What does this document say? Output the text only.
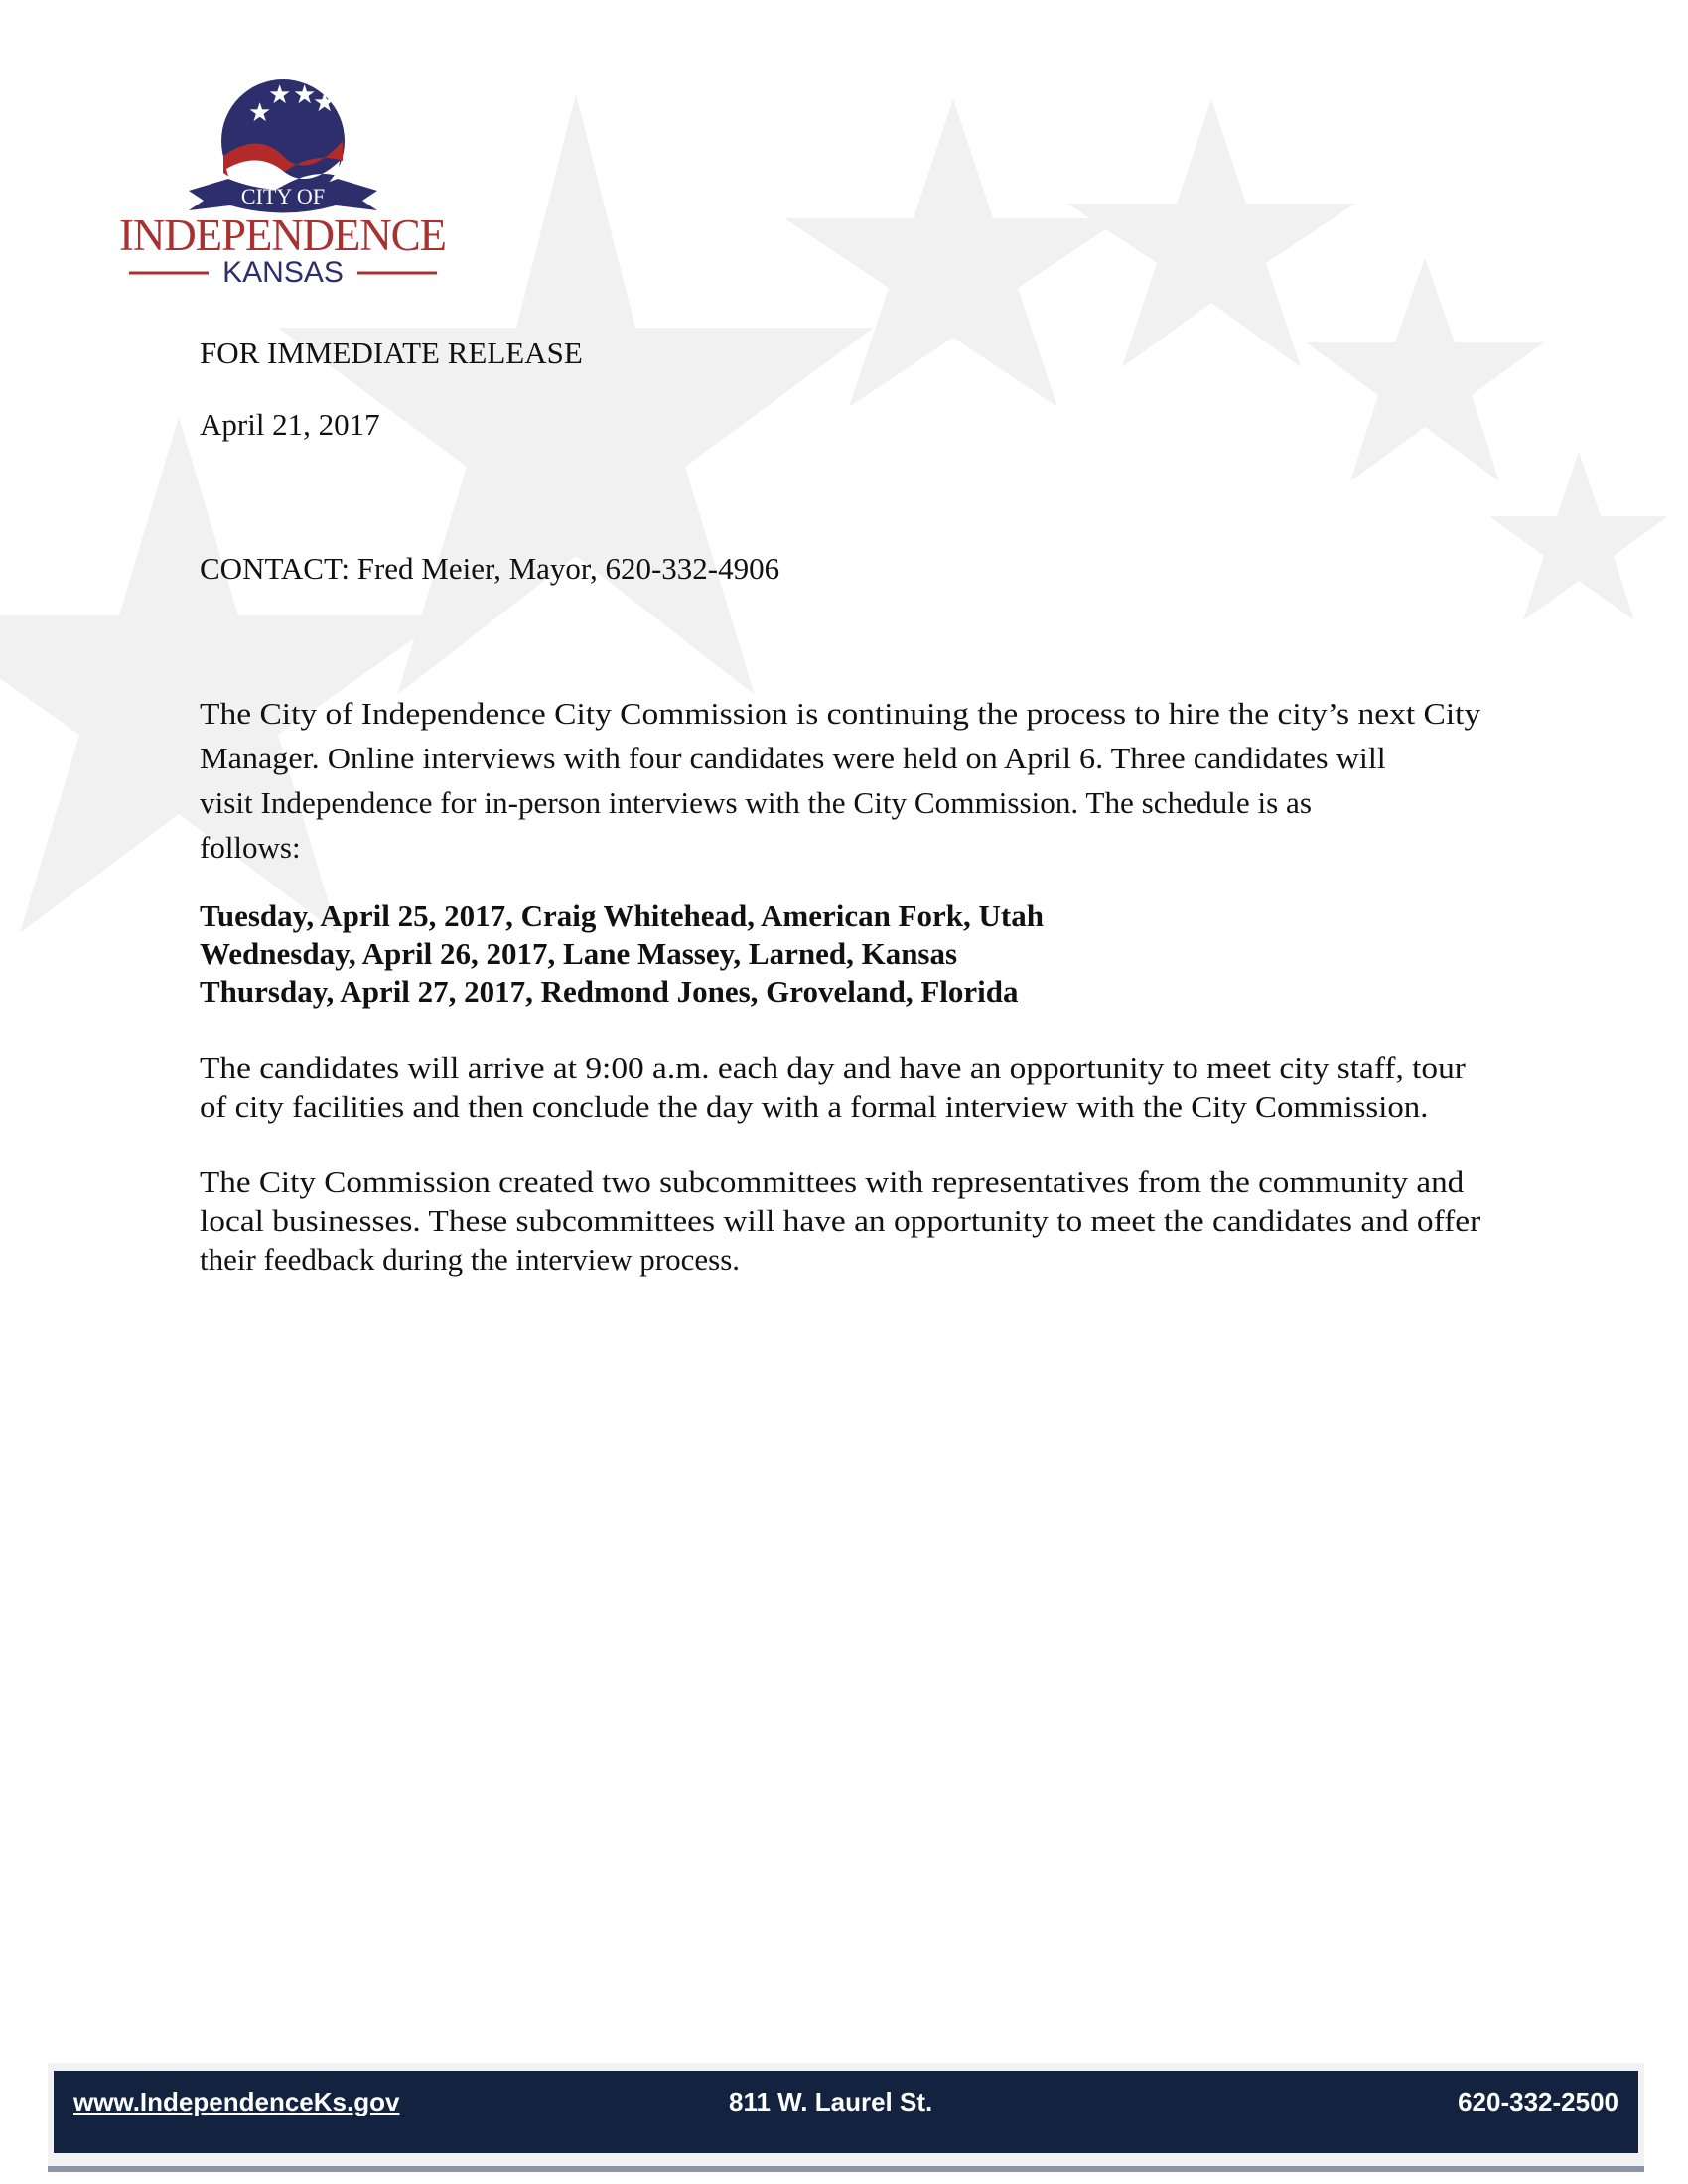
★
★ ★
★
CITY OF
INDEPENDENCE
KANSAS
FOR IMMEDIATE RELEASE
April 21, 2017
CONTACT: Fred Meier, Mayor, 620-332-4906
The City of Independence City Commission is continuing the process to hire the city’s next City
Manager. Online interviews with four candidates were held on April 6. Three candidates will
visit Independence for in-person interviews with the City Commission. The schedule is as
follows:
Tuesday, April 25, 2017, Craig Whitehead, American Fork, Utah
Wednesday, April 26, 2017, Lane Massey, Larned, Kansas
Thursday, April 27, 2017, Redmond Jones, Groveland, Florida
The candidates will arrive at 9:00 a.m. each day and have an opportunity to meet city staff, tour
of city facilities and then conclude the day with a formal interview with the City Commission.
The City Commission created two subcommittees with representatives from the community and
local businesses. These subcommittees will have an opportunity to meet the candidates and offer
their feedback during the interview process.
www.IndependenceKs.gov	811 W. Laurel St.	620-332-2500
